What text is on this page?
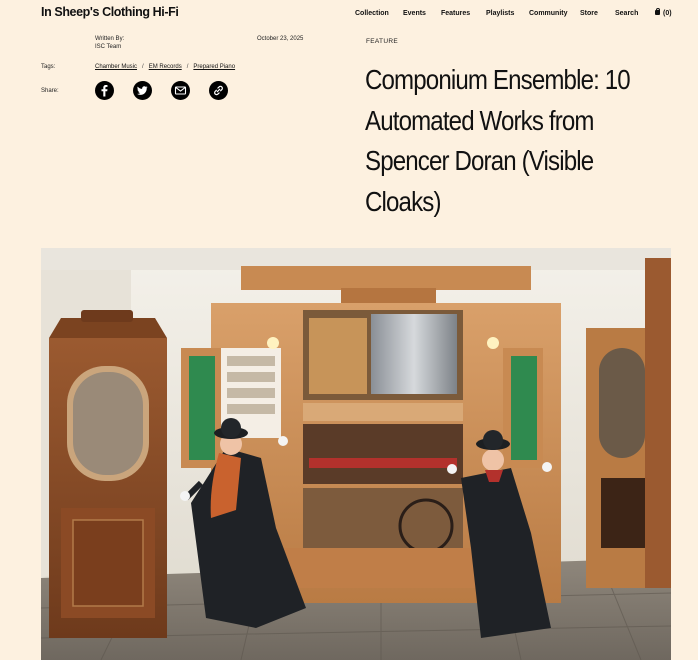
In Sheep's Clothing Hi-Fi	Collection Events Features Playlists Community Store Search	(0)
Written By:
ISC Team
October 23, 2025
Tags:	Chamber Music / EM Records / Prepared Piano
Share:
FEATURE
Componium Ensemble: 10 Automated Works from Spencer Doran (Visible Cloaks)
